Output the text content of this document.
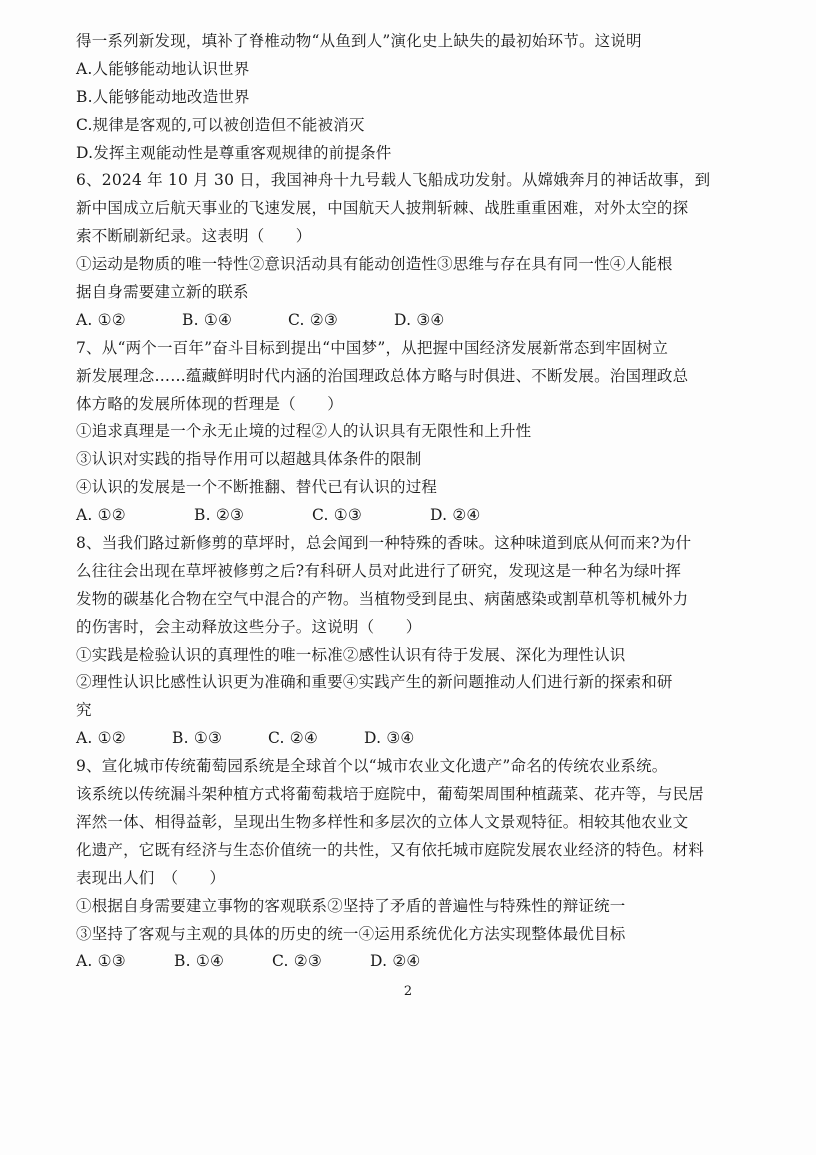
得一系列新发现，填补了脊椎动物“从鱼到人”演化史上缺失的最初始环节。这说明
A.人能够能动地认识世界
B.人能够能动地改造世界
C.规律是客观的,可以被创造但不能被消灭
D.发挥主观能动性是尊重客观规律的前提条件
6、2024 年 10 月 30 日，我国神舟十九号载人飞船成功发射。从嫦娥奔月的神话故事，到
新中国成立后航天事业的飞速发展，中国航天人披荆斩棘、战胜重重困难，对外太空的探
索不断刷新纪录。这表明（　　）
①运动是物质的唯一特性②意识活动具有能动创造性③思维与存在具有同一性④人能根
据自身需要建立新的联系
A. ①②	B. ①④	C. ②③	D. ③④
7、从“两个一百年”奋斗目标到提出“中国梦”，从把握中国经济发展新常态到牢固树立
新发展理念……蕴藏鲜明时代内涵的治国理政总体方略与时俱进、不断发展。治国理政总
体方略的发展所体现的哲理是（　　）
①追求真理是一个永无止境的过程②人的认识具有无限性和上升性
③认识对实践的指导作用可以超越具体条件的限制
④认识的发展是一个不断推翻、替代已有认识的过程
A. ①②	B. ②③	C. ①③	D. ②④
8、当我们路过新修剪的草坪时，总会闻到一种特殊的香味。这种味道到底从何而来?为什
么往往会出现在草坪被修剪之后?有科研人员对此进行了研究，发现这是一种名为绿叶挥
发物的碳基化合物在空气中混合的产物。当植物受到昆虫、病菌感染或割草机等机械外力
的伤害时，会主动释放这些分子。这说明（　　）
①实践是检验认识的真理性的唯一标准②感性认识有待于发展、深化为理性认识
②理性认识比感性认识更为准确和重要④实践产生的新问题推动人们进行新的探索和研
究
A. ①②	B. ①③	C. ②④	D. ③④
9、宣化城市传统葡萄园系统是全球首个以“城市农业文化遗产”命名的传统农业系统。
该系统以传统漏斗架种植方式将葡萄栽培于庭院中，葡萄架周围种植蔬菜、花卉等，与民居
浑然一体、相得益彰，呈现出生物多样性和多层次的立体人文景观特征。相较其他农业文
化遗产，它既有经济与生态价值统一的共性，又有依托城市庭院发展农业经济的特色。材料
表现出人们　（　　）
①根据自身需要建立事物的客观联系②坚持了矛盾的普遍性与特殊性的辩证统一
③坚持了客观与主观的具体的历史的统一④运用系统优化方法实现整体最优目标
A. ①③	B. ①④	C. ②③	D. ②④
2
